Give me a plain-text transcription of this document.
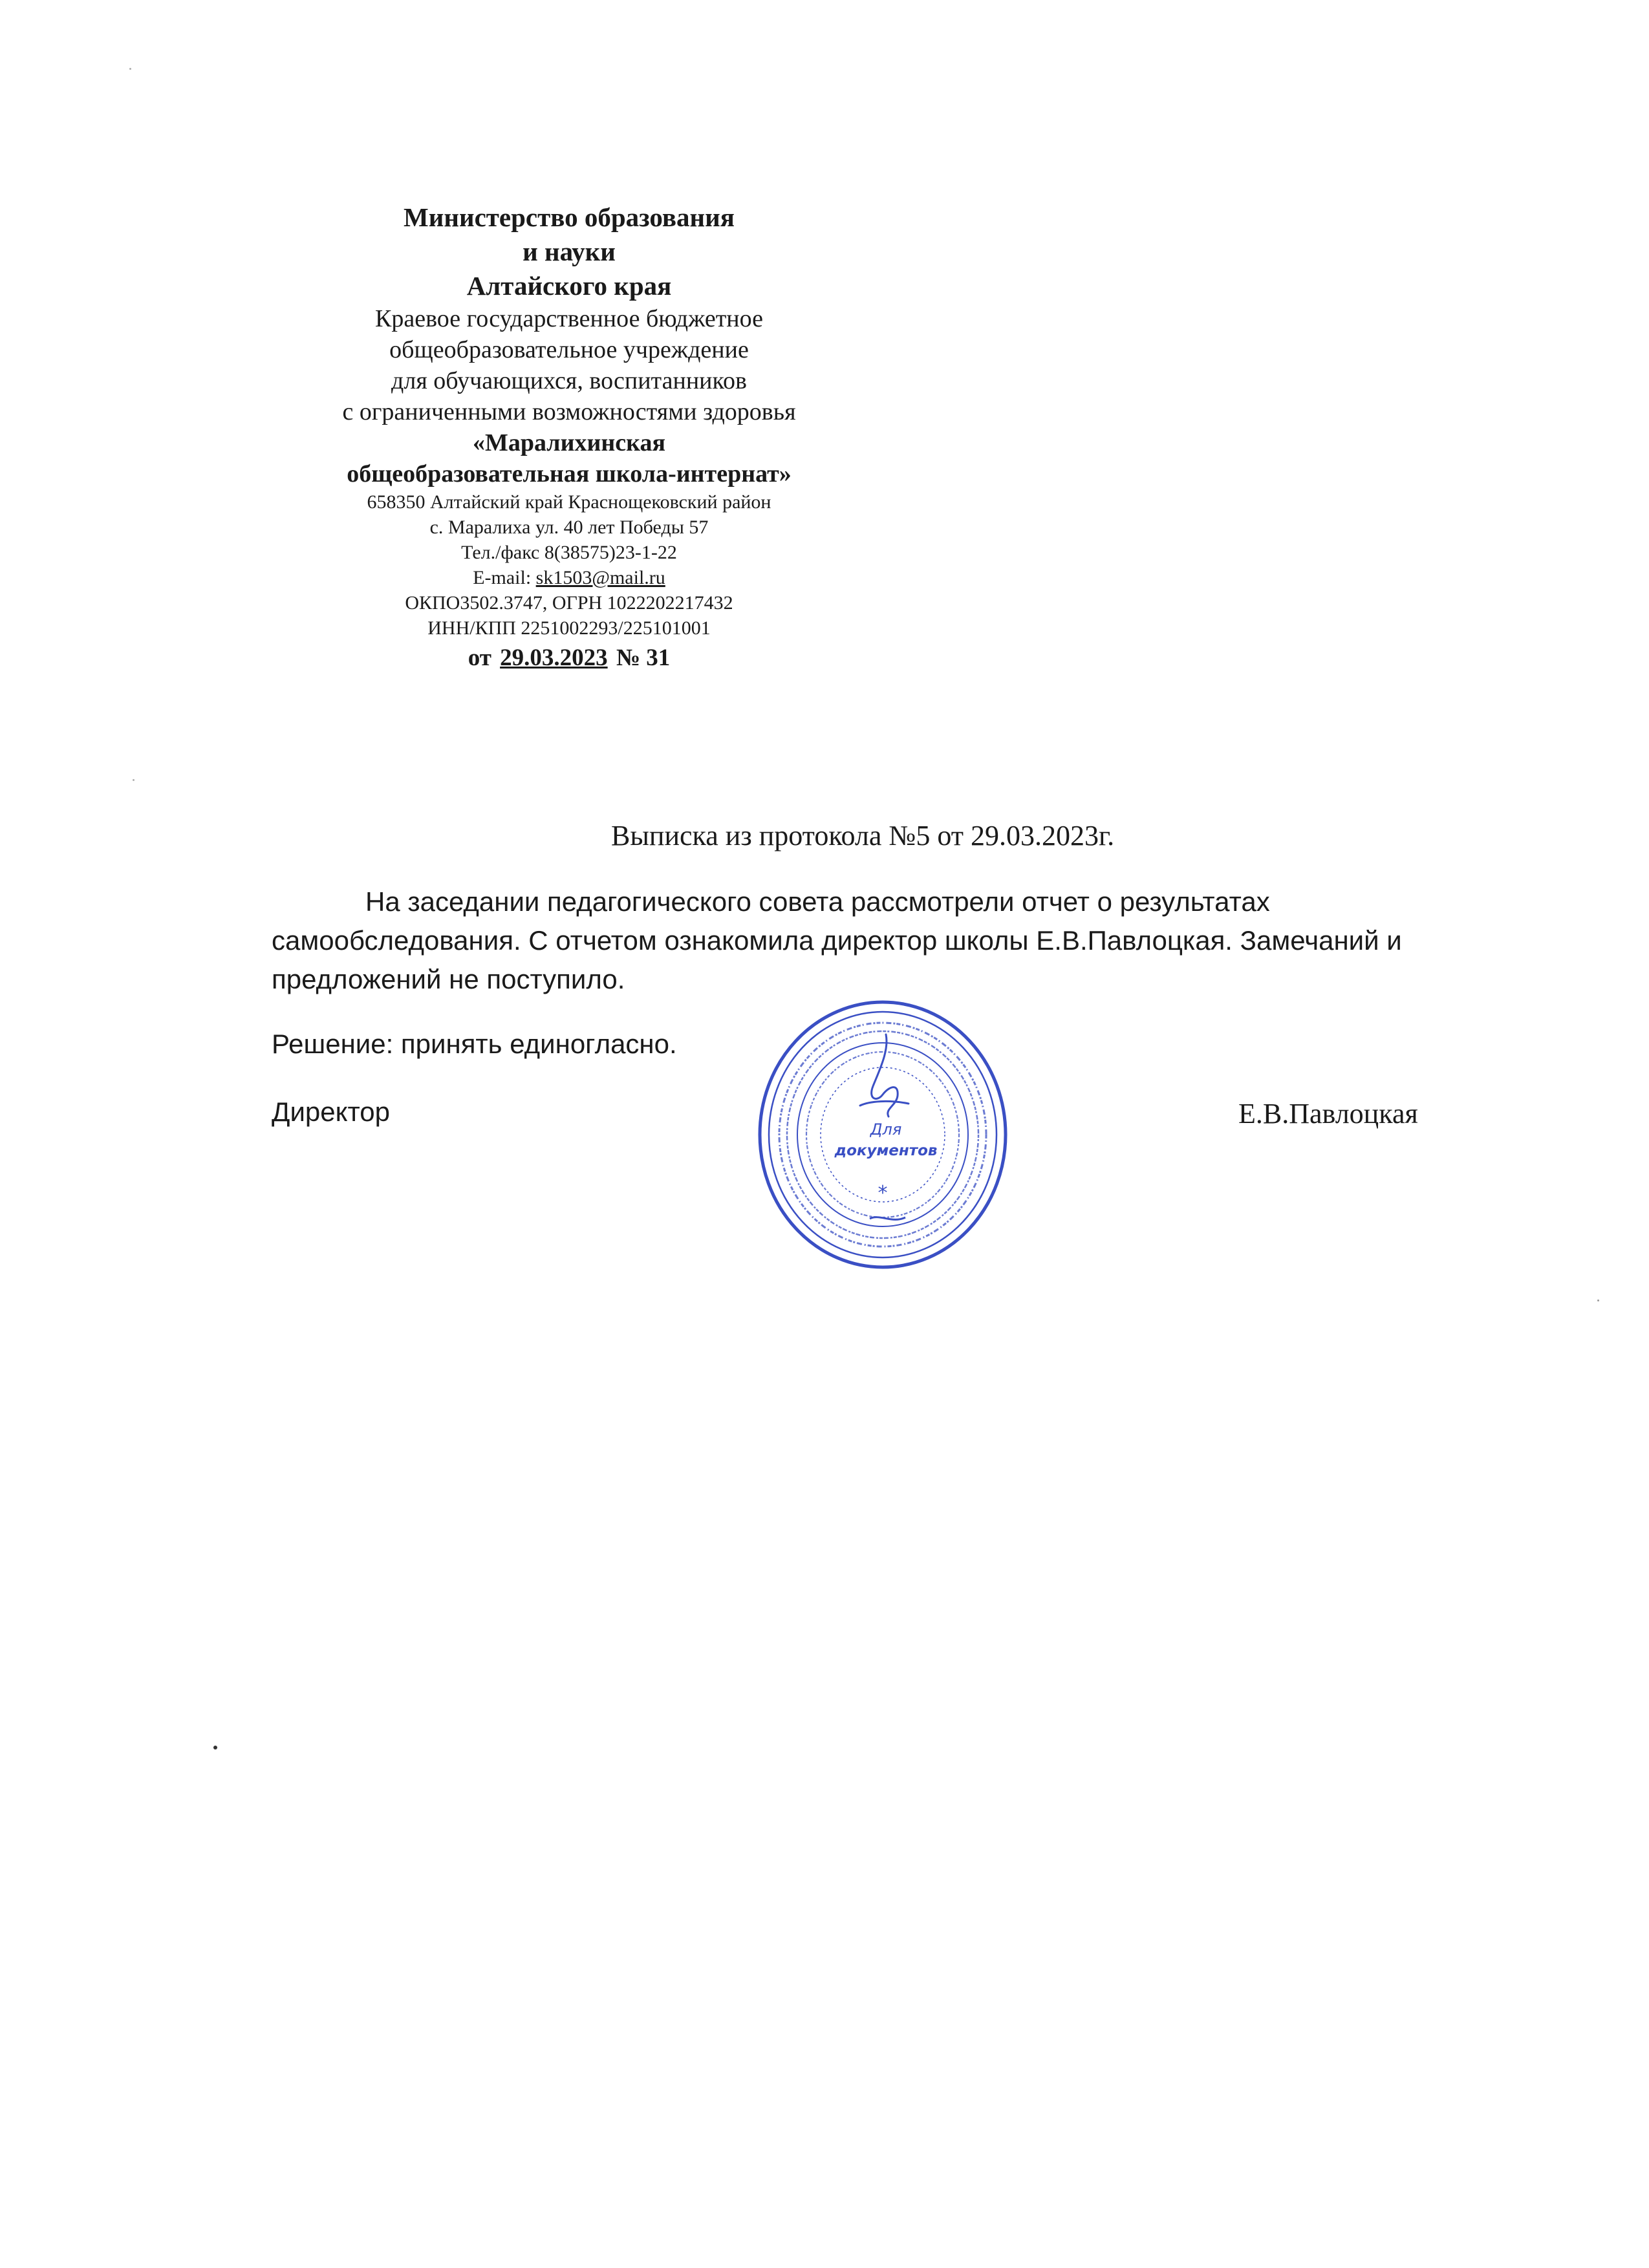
Министерство образования
и науки
Алтайского края
Краевое государственное бюджетное
общеобразовательное учреждение
для обучающихся, воспитанников
с ограниченными возможностями здоровья
«Маралихинская
общеобразовательная школа-интернат»
658350 Алтайский край Краснощековский район
с. Маралиха ул. 40 лет Победы 57
Тел./факс 8(38575)23-1-22
E-mail: sk1503@mail.ru
ОКПО3502.3747, ОГРН 1022202217432
ИНН/КПП 2251002293/225101001
от 29.03.2023 № 31
Выписка из протокола №5 от 29.03.2023г.
На заседании педагогического совета рассмотрели отчет о результатах
самообследования. С отчетом ознакомила директор школы Е.В.Павлоцкая. Замечаний и
предложений не поступило.
Решение: принять единогласно.
Директор	Е.В.Павлоцкая
Для
документов
*
